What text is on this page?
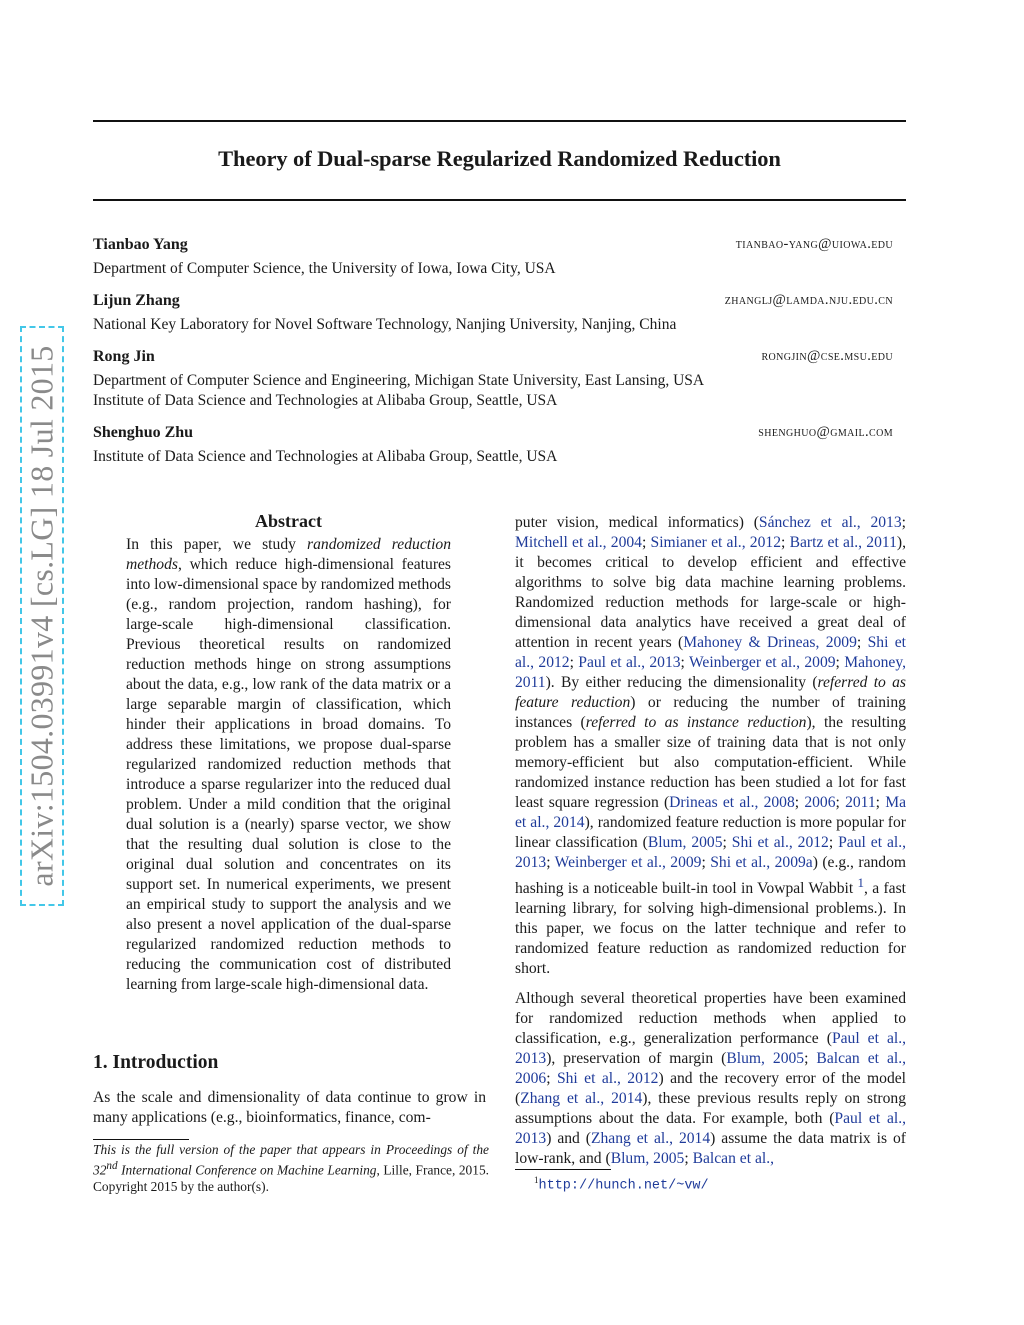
arXiv:1504.03991v4 [cs.LG] 18 Jul 2015
Theory of Dual-sparse Regularized Randomized Reduction
Tianbao Yang	tianbao-yang@uiowa.edu
Department of Computer Science, the University of Iowa, Iowa City, USA
Lijun Zhang	zhanglj@lamda.nju.edu.cn
National Key Laboratory for Novel Software Technology, Nanjing University, Nanjing, China
Rong Jin	rongjin@cse.msu.edu
Department of Computer Science and Engineering, Michigan State University, East Lansing, USA
Institute of Data Science and Technologies at Alibaba Group, Seattle, USA
Shenghuo Zhu	shenghuo@gmail.com
Institute of Data Science and Technologies at Alibaba Group, Seattle, USA
Abstract

In this paper, we study randomized reduction methods, which reduce high-dimensional features into low-dimensional space by randomized methods (e.g., random projection, random hashing), for large-scale high-dimensional classification. Previous theoretical results on randomized reduction methods hinge on strong assumptions about the data, e.g., low rank of the data matrix or a large separable margin of classification, which hinder their applications in broad domains. To address these limitations, we propose dual-sparse regularized randomized reduction methods that introduce a sparse regularizer into the reduced dual problem. Under a mild condition that the original dual solution is a (nearly) sparse vector, we show that the resulting dual solution is close to the original dual solution and concentrates on its support set. In numerical experiments, we present an empirical study to support the analysis and we also present a novel application of the dual-sparse regularized randomized reduction methods to reducing the communication cost of distributed learning from large-scale high-dimensional data.

1. Introduction

As the scale and dimensionality of data continue to grow in many applications (e.g., bioinformatics, finance, com-

This is the full version of the paper that appears in Proceedings of the 32nd International Conference on Machine Learning, Lille, France, 2015. Copyright 2015 by the author(s).

puter vision, medical informatics) (Sánchez et al., 2013; Mitchell et al., 2004; Simianer et al., 2012; Bartz et al., 2011), it becomes critical to develop efficient and effective algorithms to solve big data machine learning problems. Randomized reduction methods for large-scale or high-dimensional data analytics have received a great deal of attention in recent years (Mahoney & Drineas, 2009; Shi et al., 2012; Paul et al., 2013; Weinberger et al., 2009; Mahoney, 2011). By either reducing the dimensionality (referred to as feature reduction) or reducing the number of training instances (referred to as instance reduction), the resulting problem has a smaller size of training data that is not only memory-efficient but also computation-efficient. While randomized instance reduction has been studied a lot for fast least square regression (Drineas et al., 2008; 2006; 2011; Ma et al., 2014), randomized feature reduction is more popular for linear classification (Blum, 2005; Shi et al., 2012; Paul et al., 2013; Weinberger et al., 2009; Shi et al., 2009a) (e.g., random hashing is a noticeable built-in tool in Vowpal Wabbit $^1$, a fast learning library, for solving high-dimensional problems.). In this paper, we focus on the latter technique and refer to randomized feature reduction as randomized reduction for short.

Although several theoretical properties have been examined for randomized reduction methods when applied to classification, e.g., generalization performance (Paul et al., 2013), preservation of margin (Blum, 2005; Balcan et al., 2006; Shi et al., 2012) and the recovery error of the model (Zhang et al., 2014), these previous results reply on strong assumptions about the data. For example, both (Paul et al., 2013) and (Zhang et al., 2014) assume the data matrix is of low-rank, and (Blum, 2005; Balcan et al.,

$^1$http://hunch.net/~vw/
